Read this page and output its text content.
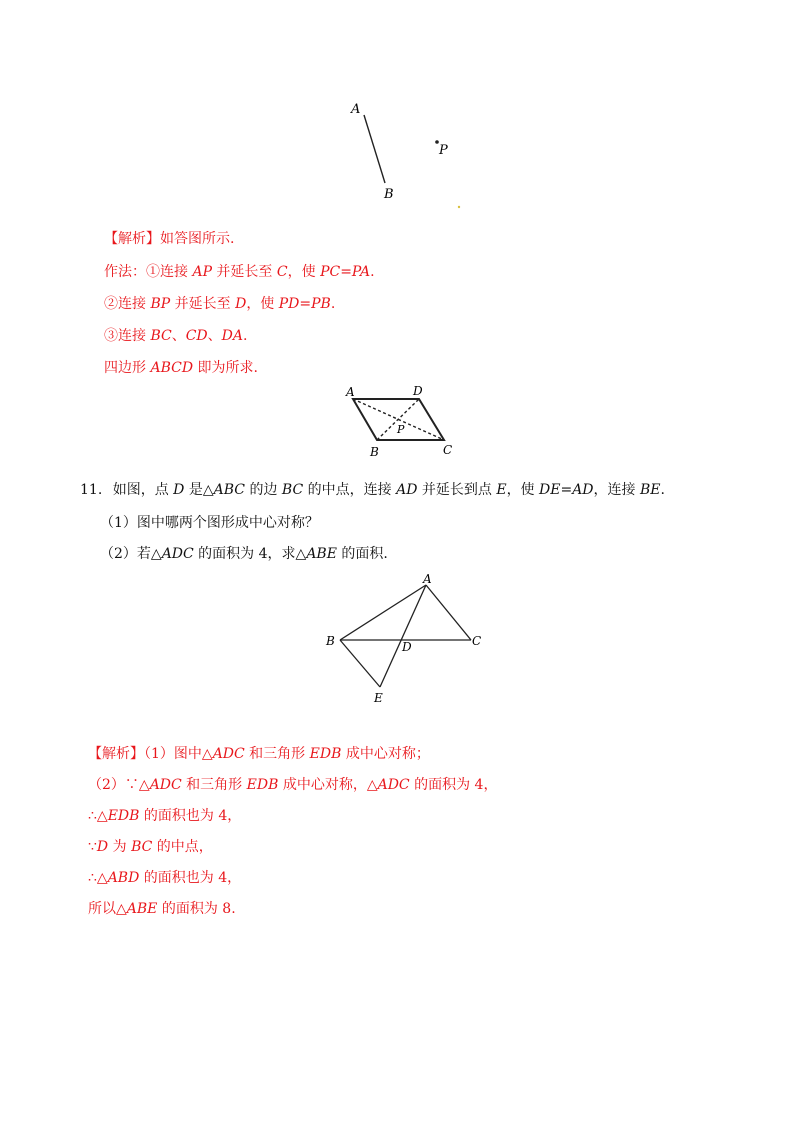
A
B
P
【解析】如答图所示.
作法：①连接 AP 并延长至 C，使 PC=PA.
②连接 BP 并延长至 D，使 PD=PB.
③连接 BC、CD、DA.
四边形 ABCD 即为所求.
A	D
P
B	C
11. 如图，点 D 是△ABC 的边 BC 的中点，连接 AD 并延长到点 E，使 DE=AD，连接 BE.
（1）图中哪两个图形成中心对称？
（2）若△ADC 的面积为 4，求△ABE 的面积.
A
B	C
D
E
【解析】（1）图中△ADC 和三角形 EDB 成中心对称；
（2）∵△ADC 和三角形 EDB 成中心对称，△ADC 的面积为 4，
∴△EDB 的面积也为 4，
∵D 为 BC 的中点，
∴△ABD 的面积也为 4，
所以△ABE 的面积为 8.
